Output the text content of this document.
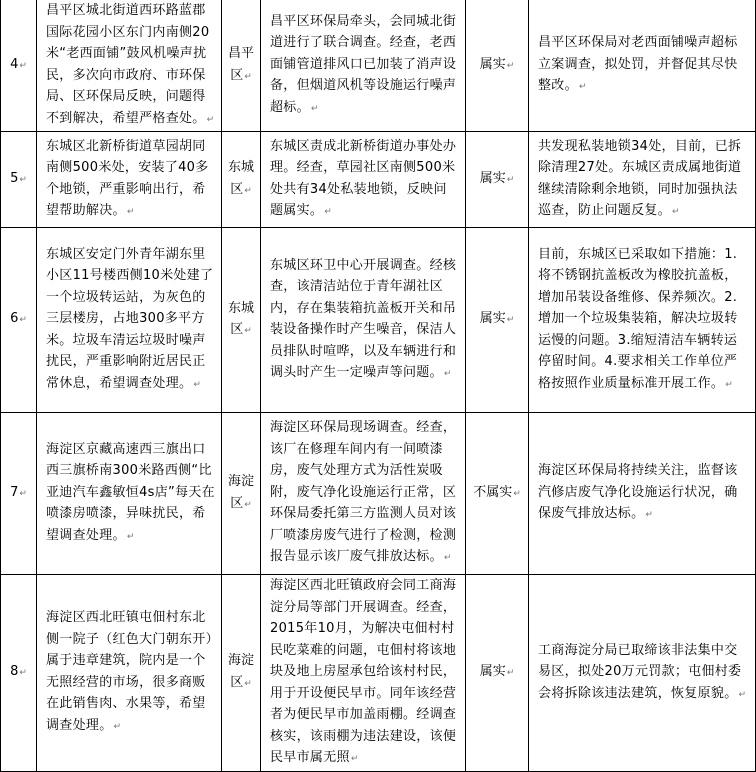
4↵	昌平区城北街道西环路蓝郡国际花园小区东门内南侧20米“老西面铺”鼓风机噪声扰民，多次向市政府、市环保局、区环保局反映，问题得不到解决，希望严格查处。↵	昌平区↵	昌平区环保局牵头，会同城北街道进行了联合调查。经查，老西面铺管道排风口已加装了消声设备，但烟道风机等设施运行噪声超标。↵	属实↵	昌平区环保局对老西面铺噪声超标立案调查，拟处罚，并督促其尽快整改。↵
5↵	东城区北新桥街道草园胡同南侧500米处，安装了40多个地锁，严重影响出行，希望帮助解决。↵	东城区↵	东城区责成北新桥街道办事处办理。经查，草园社区南侧500米处共有34处私装地锁，反映问题属实。↵	属实↵	共发现私装地锁34处，目前，已拆除清理27处。东城区责成属地街道继续清除剩余地锁，同时加强执法巡查，防止问题反复。↵
6↵	东城区安定门外青年湖东里小区11号楼西侧10米处建了一个垃圾转运站，为灰色的三层楼房，占地300多平方米。垃圾车清运垃圾时噪声扰民，严重影响附近居民正常休息，希望调查处理。↵	东城区↵	东城区环卫中心开展调查。经核查，该清洁站位于青年湖社区内，存在集装箱抗盖板开关和吊装设备操作时产生噪音，保洁人员排队时喧哗，以及车辆进行和调头时产生一定噪声等问题。↵	属实↵	目前，东城区已采取如下措施：1.将不锈钢抗盖板改为橡胶抗盖板，增加吊装设备维修、保养频次。2.增加一个垃圾集装箱，解决垃圾转运慢的问题。3.缩短清洁车辆转运停留时间。4.要求相关工作单位严格按照作业质量标准开展工作。↵
7↵	海淀区京藏高速西三旗出口西三旗桥南300米路西侧“比亚迪汽车鑫敏恒4s店”每天在喷漆房喷漆，异味扰民，希望调查处理。↵	海淀区↵	海淀区环保局现场调查。经查，该厂在修理车间内有一间喷漆房，废气处理方式为活性炭吸附，废气净化设施运行正常，区环保局委托第三方监测人员对该厂喷漆房废气进行了检测，检测报告显示该厂废气排放达标。↵	不属实↵	海淀区环保局将持续关注，监督该汽修店废气净化设施运行状况，确保废气排放达标。↵
8↵	海淀区西北旺镇屯佃村东北侧一院子（红色大门朝东开）属于违章建筑，院内是一个无照经营的市场，很多商贩在此销售肉、水果等，希望调查处理。↵	海淀区↵	海淀区西北旺镇政府会同工商海淀分局等部门开展调查。经查，2015年10月，为解决屯佃村村民吃菜难的问题，屯佃村将该地块及地上房屋承包给该村村民，用于开设便民早市。同年该经营者为便民早市加盖雨棚。经调查核实，该雨棚为违法建设，该便民早市属无照↵	属实↵	工商海淀分局已取缔该非法集中交易区，拟处20万元罚款；屯佃村委会将拆除该违法建筑，恢复原貌。↵
